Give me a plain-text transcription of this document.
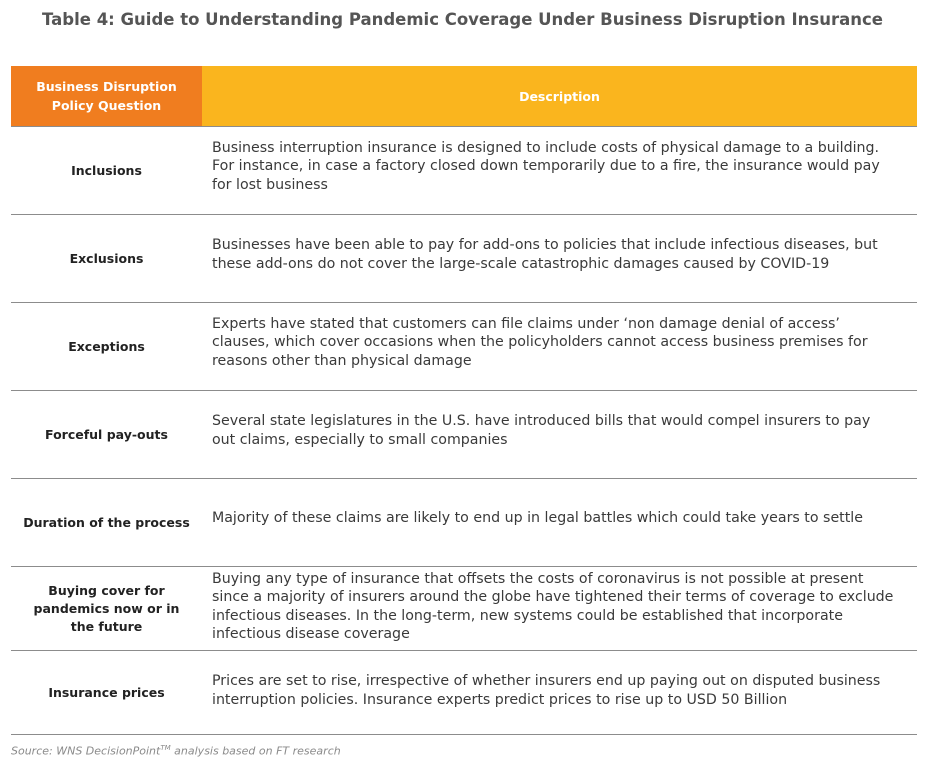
Table 4: Guide to Understanding Pandemic Coverage Under Business Disruption Insurance
Business Disruption Policy Question	Description
Inclusions	Business interruption insurance is designed to include costs of physical damage to a building. For instance, in case a factory closed down temporarily due to a fire, the insurance would pay for lost business
Exclusions	Businesses have been able to pay for add-ons to policies that include infectious diseases, but these add-ons do not cover the large-scale catastrophic damages caused by COVID-19
Exceptions	Experts have stated that customers can file claims under ‘non damage denial of access’ clauses, which cover occasions when the policyholders cannot access business premises for reasons other than physical damage
Forceful pay-outs	Several state legislatures in the U.S. have introduced bills that would compel insurers to pay out claims, especially to small companies
Duration of the process	Majority of these claims are likely to end up in legal battles which could take years to settle
Buying cover for pandemics now or in the future	Buying any type of insurance that offsets the costs of coronavirus is not possible at present since a majority of insurers around the globe have tightened their terms of coverage to exclude infectious diseases. In the long-term, new systems could be established that incorporate infectious disease coverage
Insurance prices	Prices are set to rise, irrespective of whether insurers end up paying out on disputed business interruption policies. Insurance experts predict prices to rise up to USD 50 Billion
Source: WNS DecisionPoint™ analysis based on FT research
